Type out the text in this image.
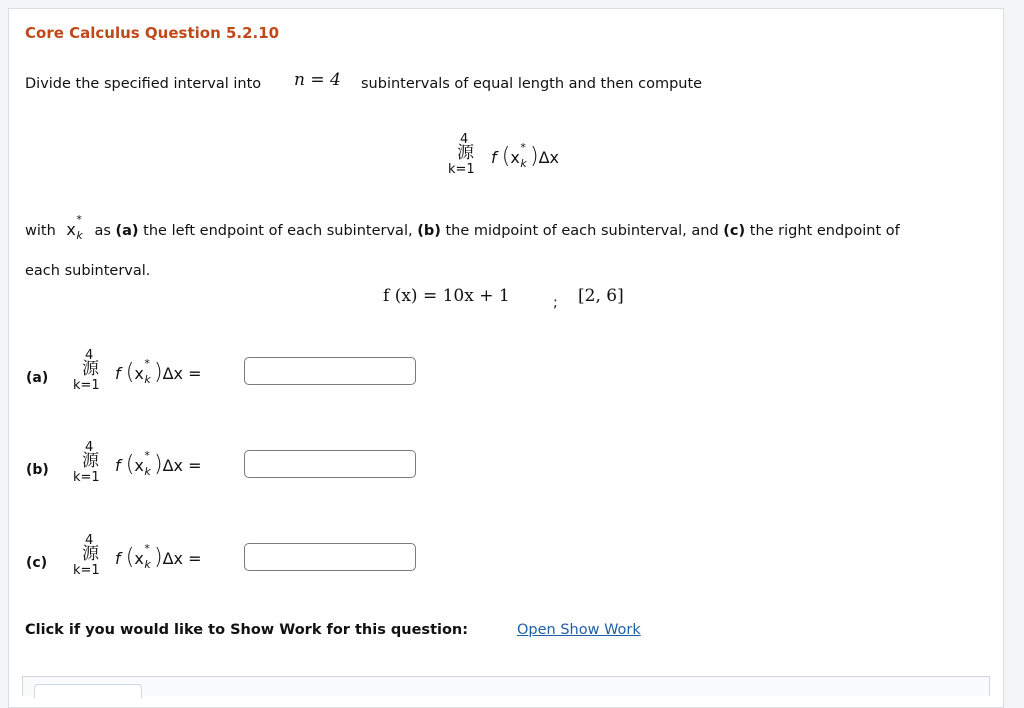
Core Calculus Question 5.2.10
Divide the specified interval into n = 4 subintervals of equal length and then compute
4
源
k=1
f (x
*
k )Δx
with x
*
k as (a) the left endpoint of each subinterval, (b) the midpoint of each subinterval, and (c) the right endpoint of
each subinterval.
f (x) = 10x + 1	; [2, 6]
(a)
4
源
k=1
f (x
*
k )Δx =
(b)
4
源
k=1
f (x
*
k )Δx =
(c)
4
源
k=1
f (x
*
k )Δx =
Click if you would like to Show Work for this question:	Open Show Work
